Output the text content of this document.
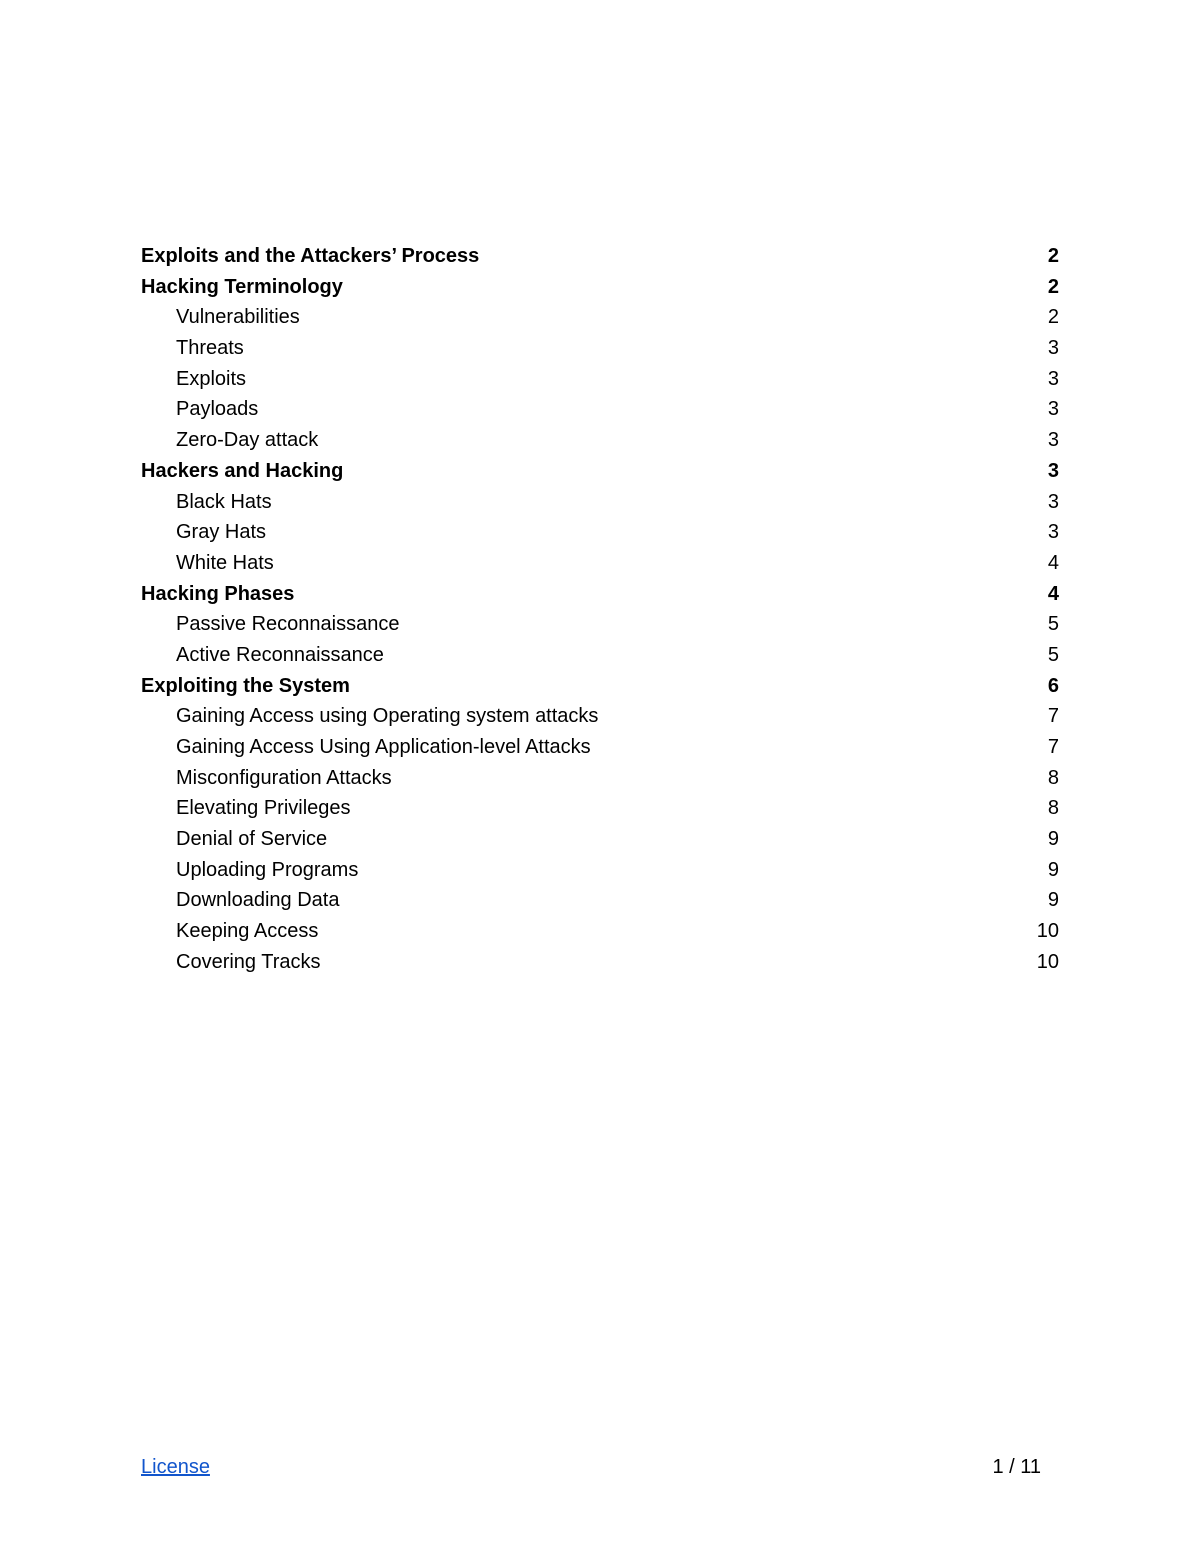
Exploits and the Attackers’ Process	2
Hacking Terminology	2
Vulnerabilities	2
Threats	3
Exploits	3
Payloads	3
Zero-Day attack	3
Hackers and Hacking	3
Black Hats	3
Gray Hats	3
White Hats	4
Hacking Phases	4
Passive Reconnaissance	5
Active Reconnaissance	5
Exploiting the System	6
Gaining Access using Operating system attacks	7
Gaining Access Using Application-level Attacks	7
Misconfiguration Attacks	8
Elevating Privileges	8
Denial of Service	9
Uploading Programs	9
Downloading Data	9
Keeping Access	10
Covering Tracks	10
License	1 / 11
